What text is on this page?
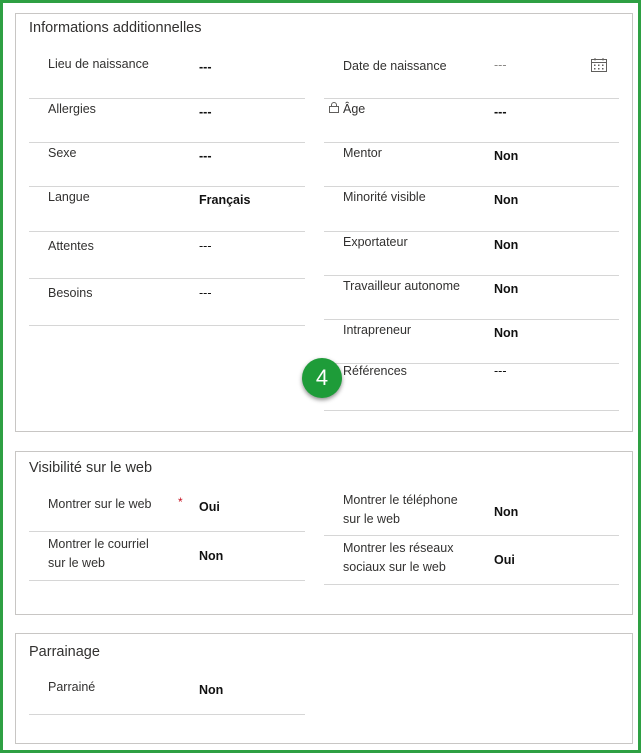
Informations additionnelles
Lieu de naissance	---
Allergies	---
Sexe	---
Langue	Français
Attentes	---
Besoins	---
Date de naissance	---
Âge	---
Mentor	Non
Minorité visible	Non
Exportateur	Non
Travailleur autonome	Non
Intrapreneur	Non
Références	---
Visibilité sur le web
Montrer sur le web * Oui
Montrer le courriel
sur le web	Non
Montrer le téléphone
sur le web	Non
Montrer les réseaux
sociaux sur le web	Oui
Parrainage
Parrainé	Non
4
